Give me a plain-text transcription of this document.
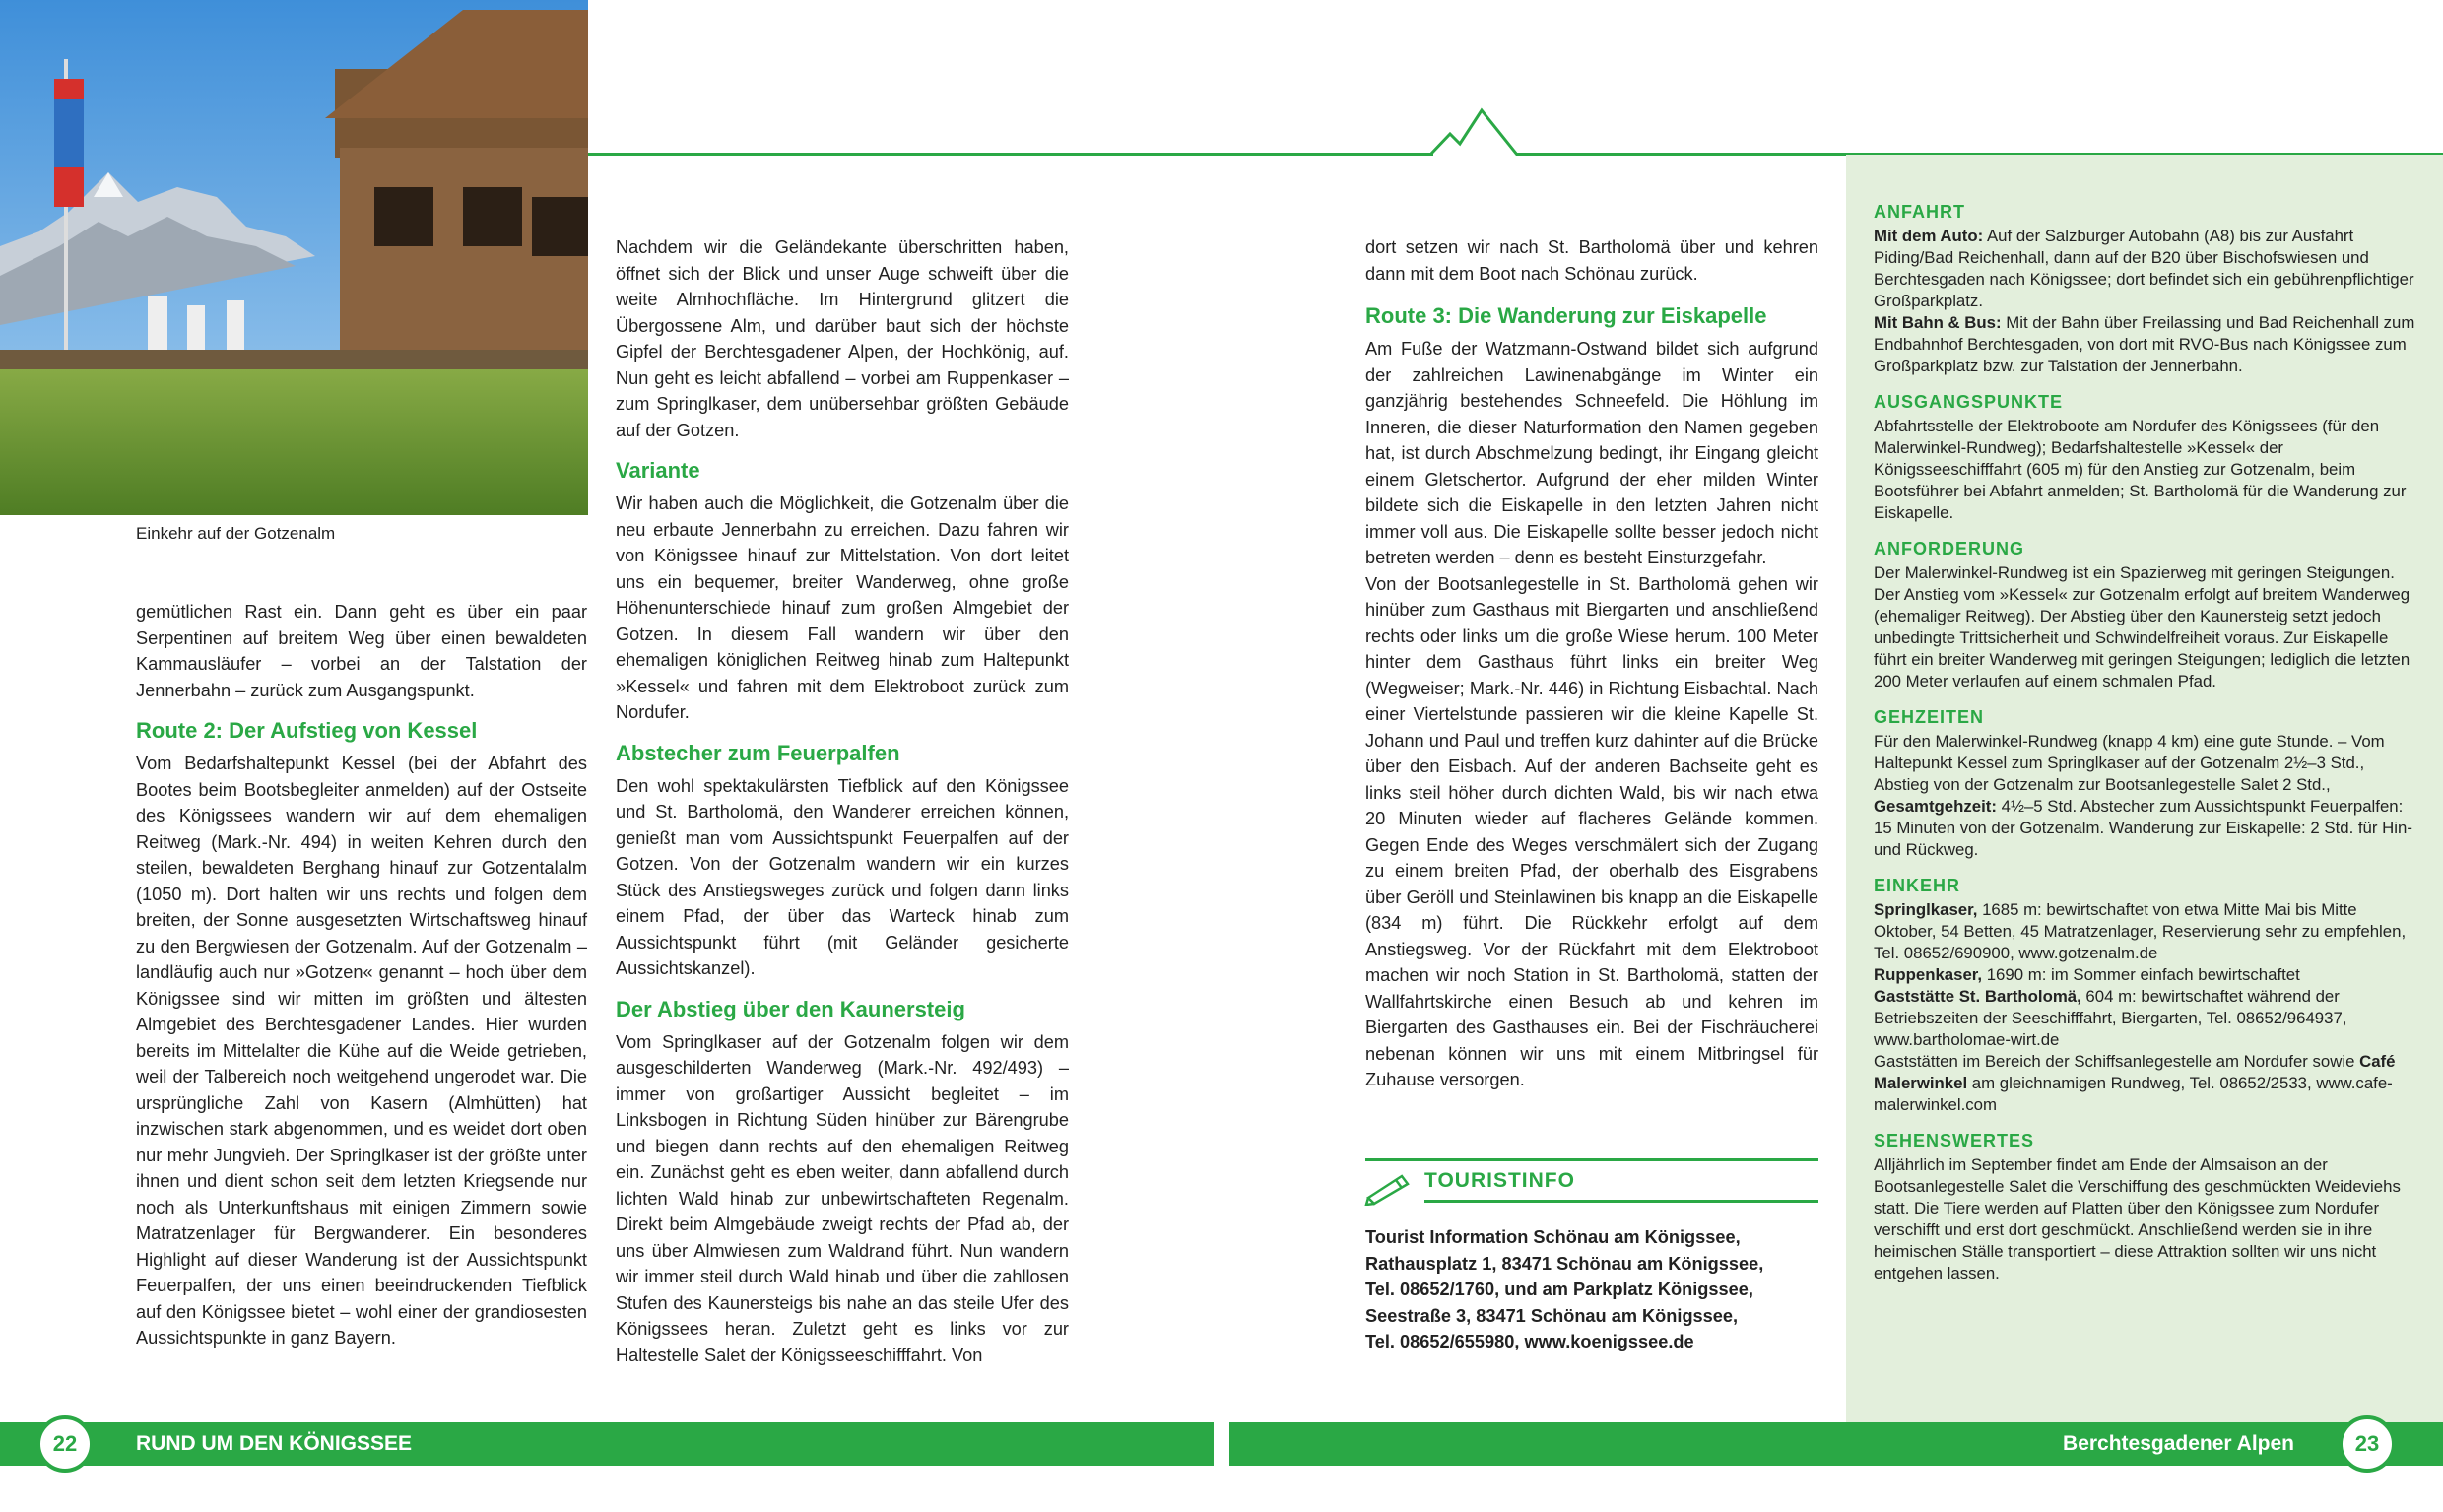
Einkehr auf der Gotzenalm

gemütlichen Rast ein. Dann geht es über ein paar Serpentinen auf breitem Weg über einen bewaldeten Kammausläufer – vorbei an der Talstation der Jennerbahn – zurück zum Ausgangspunkt.

Route 2: Der Aufstieg von Kessel

Vom Bedarfshaltepunkt Kessel (bei der Abfahrt des Bootes beim Bootsbegleiter anmelden) auf der Ostseite des Königssees wandern wir auf dem ehemaligen Reitweg (Mark.-Nr. 494) in weiten Kehren durch den steilen, bewaldeten Berghang hinauf zur Gotzentalalm (1050 m). Dort halten wir uns rechts und folgen dem breiten, der Sonne ausgesetzten Wirtschaftsweg hinauf zu den Bergwiesen der Gotzenalm. Auf der Gotzenalm – landläufig auch nur »Gotzen« genannt – hoch über dem Königssee sind wir mitten im größten und ältesten Almgebiet des Berchtesgadener Landes. Hier wurden bereits im Mittelalter die Kühe auf die Weide getrieben, weil der Talbereich noch weitgehend ungerodet war. Die ursprüngliche Zahl von Kasern (Almhütten) hat inzwischen stark abgenommen, und es weidet dort oben nur mehr Jungvieh. Der Springlkaser ist der größte unter ihnen und dient schon seit dem letzten Kriegsende nur noch als Unterkunftshaus mit einigen Zimmern sowie Matratzenlager für Bergwanderer. Ein besonderes Highlight auf dieser Wanderung ist der Aussichtspunkt Feuerpalfen, der uns einen beeindruckenden Tiefblick auf den Königssee bietet – wohl einer der grandiosesten Aussichtspunkte in ganz Bayern.

Nachdem wir die Geländekante überschritten haben, öffnet sich der Blick und unser Auge schweift über die weite Almhochfläche. Im Hintergrund glitzert die Übergossene Alm, und darüber baut sich der höchste Gipfel der Berchtesgadener Alpen, der Hochkönig, auf. Nun geht es leicht abfallend – vorbei am Ruppenkaser – zum Springlkaser, dem unübersehbar größten Gebäude auf der Gotzen.

Variante

Wir haben auch die Möglichkeit, die Gotzenalm über die neu erbaute Jennerbahn zu erreichen. Dazu fahren wir von Königssee hinauf zur Mittelstation. Von dort leitet uns ein bequemer, breiter Wanderweg, ohne große Höhenunterschiede hinauf zum großen Almgebiet der Gotzen. In diesem Fall wandern wir über den ehemaligen königlichen Reitweg hinab zum Haltepunkt »Kessel« und fahren mit dem Elektroboot zurück zum Nordufer.

Abstecher zum Feuerpalfen

Den wohl spektakulärsten Tiefblick auf den Königssee und St. Bartholomä, den Wanderer erreichen können, genießt man vom Aussichtspunkt Feuerpalfen auf der Gotzen. Von der Gotzenalm wandern wir ein kurzes Stück des Anstiegsweges zurück und folgen dann links einem Pfad, der über das Warteck hinab zum Aussichtspunkt führt (mit Geländer gesicherte Aussichtskanzel).

Der Abstieg über den Kaunersteig

Vom Springlkaser auf der Gotzenalm folgen wir dem ausgeschilderten Wanderweg (Mark.-Nr. 492/493) – immer von großartiger Aussicht begleitet – im Linksbogen in Richtung Süden hinüber zur Bärengrube und biegen dann rechts auf den ehemaligen Reitweg ein. Zunächst geht es eben weiter, dann abfallend durch lichten Wald hinab zur unbewirtschafteten Regenalm. Direkt beim Almgebäude zweigt rechts der Pfad ab, der uns über Almwiesen zum Waldrand führt. Nun wandern wir immer steil durch Wald hinab und über die zahllosen Stufen des Kaunersteigs bis nahe an das steile Ufer des Königssees heran. Zuletzt geht es links vor zur Haltestelle Salet der Königsseeschifffahrt. Von

dort setzen wir nach St. Bartholomä über und kehren dann mit dem Boot nach Schönau zurück.

Route 3: Die Wanderung zur Eiskapelle

Am Fuße der Watzmann-Ostwand bildet sich aufgrund der zahlreichen Lawinenabgänge im Winter ein ganzjährig bestehendes Schneefeld. Die Höhlung im Inneren, die dieser Naturformation den Namen gegeben hat, ist durch Abschmelzung bedingt, ihr Eingang gleicht einem Gletschertor. Aufgrund der eher milden Winter bildete sich die Eiskapelle in den letzten Jahren nicht immer voll aus. Die Eiskapelle sollte besser jedoch nicht betreten werden – denn es besteht Einsturzgefahr.

Von der Bootsanlegestelle in St. Bartholomä gehen wir hinüber zum Gasthaus mit Biergarten und anschließend rechts oder links um die große Wiese herum. 100 Meter hinter dem Gasthaus führt links ein breiter Weg (Wegweiser; Mark.-Nr. 446) in Richtung Eisbachtal. Nach einer Viertelstunde passieren wir die kleine Kapelle St. Johann und Paul und treffen kurz dahinter auf die Brücke über den Eisbach. Auf der anderen Bachseite geht es links steil höher durch dichten Wald, bis wir nach etwa 20 Minuten wieder auf flacheres Gelände kommen. Gegen Ende des Weges verschmälert sich der Zugang zu einem breiten Pfad, der oberhalb des Eisgrabens über Geröll und Steinlawinen bis knapp an die Eiskapelle (834 m) führt. Die Rückkehr erfolgt auf dem Anstiegsweg. Vor der Rückfahrt mit dem Elektroboot machen wir noch Station in St. Bartholomä, statten der Wallfahrtskirche einen Besuch ab und kehren im Biergarten des Gasthauses ein. Bei der Fischräucherei nebenan können wir uns mit einem Mitbringsel für Zuhause versorgen.

TOURISTINFO

Tourist Information Schönau am Königssee,

Rathausplatz 1, 83471 Schönau am Königssee,

Tel. 08652/1760, und am Parkplatz Königssee,

Seestraße 3, 83471 Schönau am Königssee,

Tel. 08652/655980, www.koenigssee.de

ANFAHRT

Mit dem Auto: Auf der Salzburger Autobahn (A8) bis zur Ausfahrt Piding/Bad Reichenhall, dann auf der B20 über Bischofswiesen und Berchtesgaden nach Königssee; dort befindet sich ein gebührenpflichtiger Großparkplatz.
Mit Bahn & Bus: Mit der Bahn über Freilassing und Bad Reichenhall zum Endbahnhof Berchtesgaden, von dort mit RVO-Bus nach Königssee zum Großparkplatz bzw. zur Talstation der Jennerbahn.

AUSGANGSPUNKTE

Abfahrtsstelle der Elektroboote am Nordufer des Königssees (für den Malerwinkel-Rundweg); Bedarfshaltestelle »Kessel« der Königsseeschifffahrt (605 m) für den Anstieg zur Gotzenalm, beim Bootsführer bei Abfahrt anmelden; St. Bartholomä für die Wanderung zur Eiskapelle.

ANFORDERUNG

Der Malerwinkel-Rundweg ist ein Spazierweg mit geringen Steigungen. Der Anstieg vom »Kessel« zur Gotzenalm erfolgt auf breitem Wanderweg (ehemaliger Reitweg). Der Abstieg über den Kaunersteig setzt jedoch unbedingte Trittsicherheit und Schwindelfreiheit voraus. Zur Eiskapelle führt ein breiter Wanderweg mit geringen Steigungen; lediglich die letzten 200 Meter verlaufen auf einem schmalen Pfad.

GEHZEITEN

Für den Malerwinkel-Rundweg (knapp 4 km) eine gute Stunde. – Vom Haltepunkt Kessel zum Springlkaser auf der Gotzenalm 2½–3 Std., Abstieg von der Gotzenalm zur Bootsanlegestelle Salet 2 Std., Gesamtgehzeit: 4½–5 Std. Abstecher zum Aussichtspunkt Feuerpalfen: 15 Minuten von der Gotzenalm. Wanderung zur Eiskapelle: 2 Std. für Hin- und Rückweg.

EINKEHR

Springlkaser, 1685 m: bewirtschaftet von etwa Mitte Mai bis Mitte Oktober, 54 Betten, 45 Matratzenlager, Reservierung sehr zu empfehlen, Tel. 08652/690900, www.gotzenalm.de
Ruppenkaser, 1690 m: im Sommer einfach bewirtschaftet
Gaststätte St. Bartholomä, 604 m: bewirtschaftet während der Betriebszeiten der Seeschifffahrt, Biergarten, Tel. 08652/964937, www.bartholomae-wirt.de
Gaststätten im Bereich der Schiffsanlegestelle am Nordufer sowie Café Malerwinkel am gleichnamigen Rundweg, Tel. 08652/2533, www.cafe-malerwinkel.com

SEHENSWERTES

Alljährlich im September findet am Ende der Almsaison an der Bootsanlegestelle Salet die Verschiffung des geschmückten Weideviehs statt. Die Tiere werden auf Platten über den Königssee zum Nordufer verschifft und erst dort geschmückt. Anschließend werden sie in ihre heimischen Ställe transportiert – diese Attraktion sollten wir uns nicht entgehen lassen.

22	RUND UM DEN KÖNIGSSEE	Berchtesgadener Alpen	23
